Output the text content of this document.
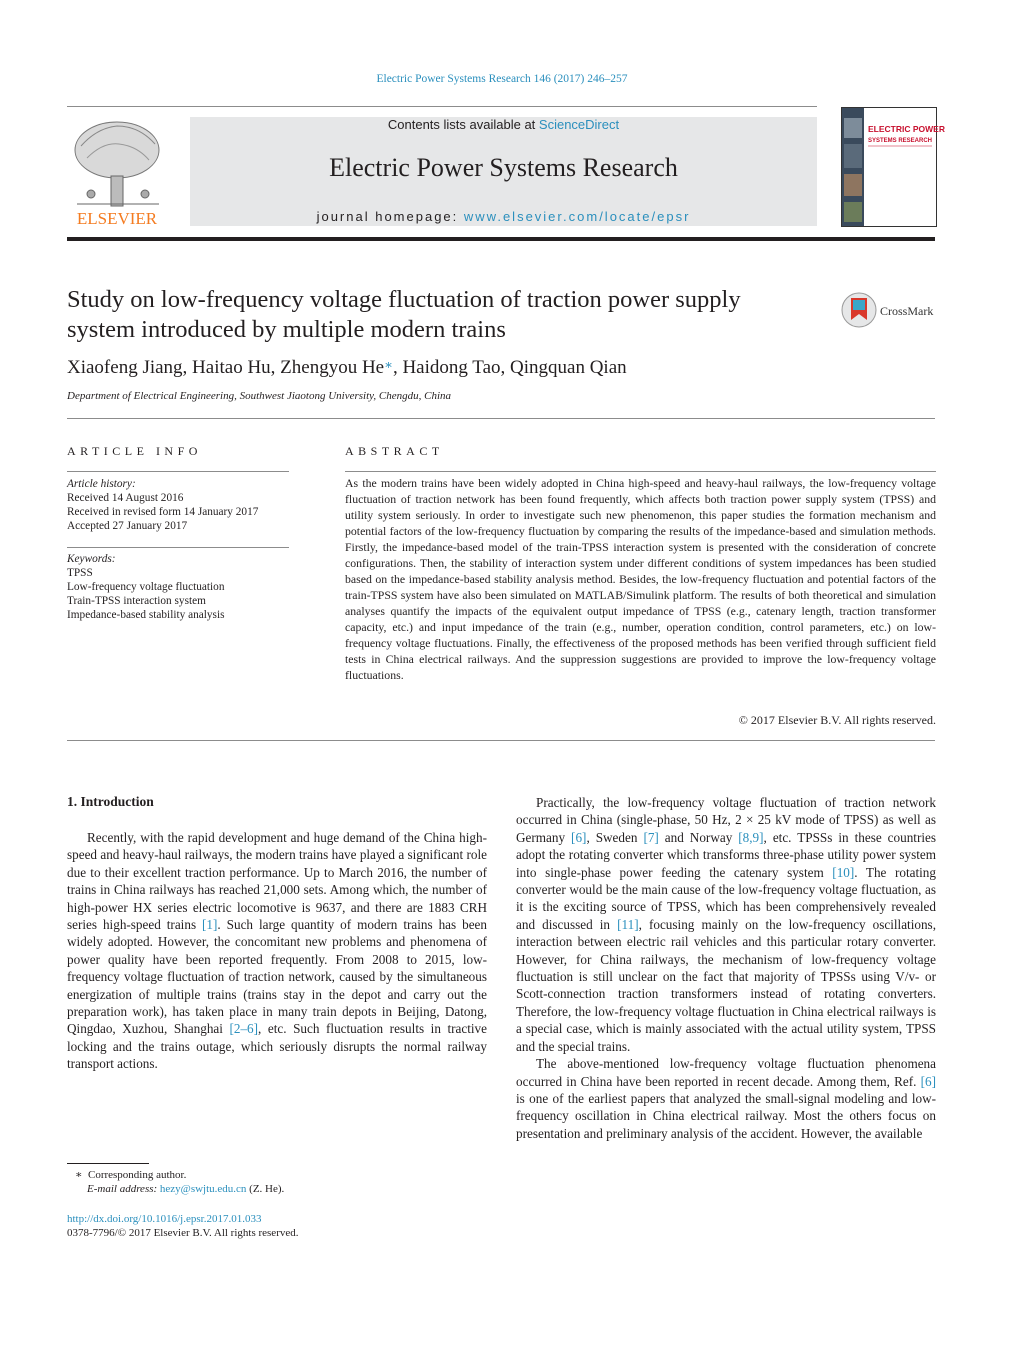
Electric Power Systems Research 146 (2017) 246–257
ELSEVIER
Contents lists available at ScienceDirect
Electric Power Systems Research
journal homepage: www.elsevier.com/locate/epsr
ELECTRIC POWER
SYSTEMS RESEARCH
Study on low-frequency voltage fluctuation of traction power supply
system introduced by multiple modern trains
CrossMark
Xiaofeng Jiang, Haitao Hu, Zhengyou He∗, Haidong Tao, Qingquan Qian
Department of Electrical Engineering, Southwest Jiaotong University, Chengdu, China
ARTICLE INFO	ABSTRACT
Article history:
Received 14 August 2016
Received in revised form 14 January 2017
Accepted 27 January 2017
Keywords:
TPSS
Low-frequency voltage fluctuation
Train-TPSS interaction system
Impedance-based stability analysis
As the modern trains have been widely adopted in China high-speed and heavy-haul railways, the low-frequency voltage fluctuation of traction network has been found frequently, which affects both traction power supply system (TPSS) and utility system seriously. In order to investigate such new phenomenon, this paper studies the formation mechanism and potential factors of the low-frequency fluctuation by comparing the results of the impedance-based and simulation methods. Firstly, the impedance-based model of the train-TPSS interaction system is presented with the consideration of concrete configurations. Then, the stability of interaction system under different conditions of system impedances has been studied based on the impedance-based stability analysis method. Besides, the low-frequency fluctuation and potential factors of the train-TPSS system have also been simulated on MATLAB/Simulink platform. The results of both theoretical and simulation analyses quantify the impacts of the equivalent output impedance of TPSS (e.g., catenary length, traction transformer capacity, etc.) and input impedance of the train (e.g., number, operation condition, control parameters, etc.) on low-frequency voltage fluctuations. Finally, the effectiveness of the proposed methods has been verified through sufficient field tests in China electrical railways. And the suppression suggestions are provided to improve the low-frequency voltage fluctuations.
© 2017 Elsevier B.V. All rights reserved.
1. Introduction

Recently, with the rapid development and huge demand of the China high-speed and heavy-haul railways, the modern trains have played a significant role due to their excellent traction performance. Up to March 2016, the number of trains in China railways has reached 21,000 sets. Among which, the number of high-power HX series electric locomotive is 9637, and there are 1883 CRH series high-speed trains [1]. Such large quantity of modern trains has been widely adopted. However, the concomitant new problems and phenomena of power quality have been reported frequently. From 2008 to 2015, low-frequency voltage fluctuation of traction network, caused by the simultaneous energization of multiple trains (trains stay in the depot and carry out the preparation work), has taken place in many train depots in Beijing, Datong, Qingdao, Xuzhou, Shanghai [2–6], etc. Such fluctuation results in tractive locking and the trains outage, which seriously disrupts the normal railway transport actions.

Practically, the low-frequency voltage fluctuation of traction network occurred in China (single-phase, 50 Hz, 2 × 25 kV mode of TPSS) as well as Germany [6], Sweden [7] and Norway [8,9], etc. TPSSs in these countries adopt the rotating converter which transforms three-phase utility power system into single-phase power feeding the catenary system [10]. The rotating converter would be the main cause of the low-frequency voltage fluctuation, as it is the exciting source of TPSS, which has been comprehensively revealed and discussed in [11], focusing mainly on the low-frequency oscillations, interaction between electric rail vehicles and this particular rotary converter. However, for China railways, the mechanism of low-frequency voltage fluctuation is still unclear on the fact that majority of TPSSs using V/v- or Scott-connection traction transformers instead of rotating converters. Therefore, the low-frequency voltage fluctuation in China electrical railways is a special case, which is mainly associated with the actual utility system, TPSS and the special trains.

The above-mentioned low-frequency voltage fluctuation phenomena occurred in China have been reported in recent decade. Among them, Ref. [6] is one of the earliest papers that analyzed the small-signal modeling and low-frequency oscillation in China electrical railway. Most the others focus on presentation and preliminary analysis of the accident. However, the available

∗ Corresponding author.
E-mail address: hezy@swjtu.edu.cn (Z. He).
http://dx.doi.org/10.1016/j.epsr.2017.01.033
0378-7796/© 2017 Elsevier B.V. All rights reserved.
